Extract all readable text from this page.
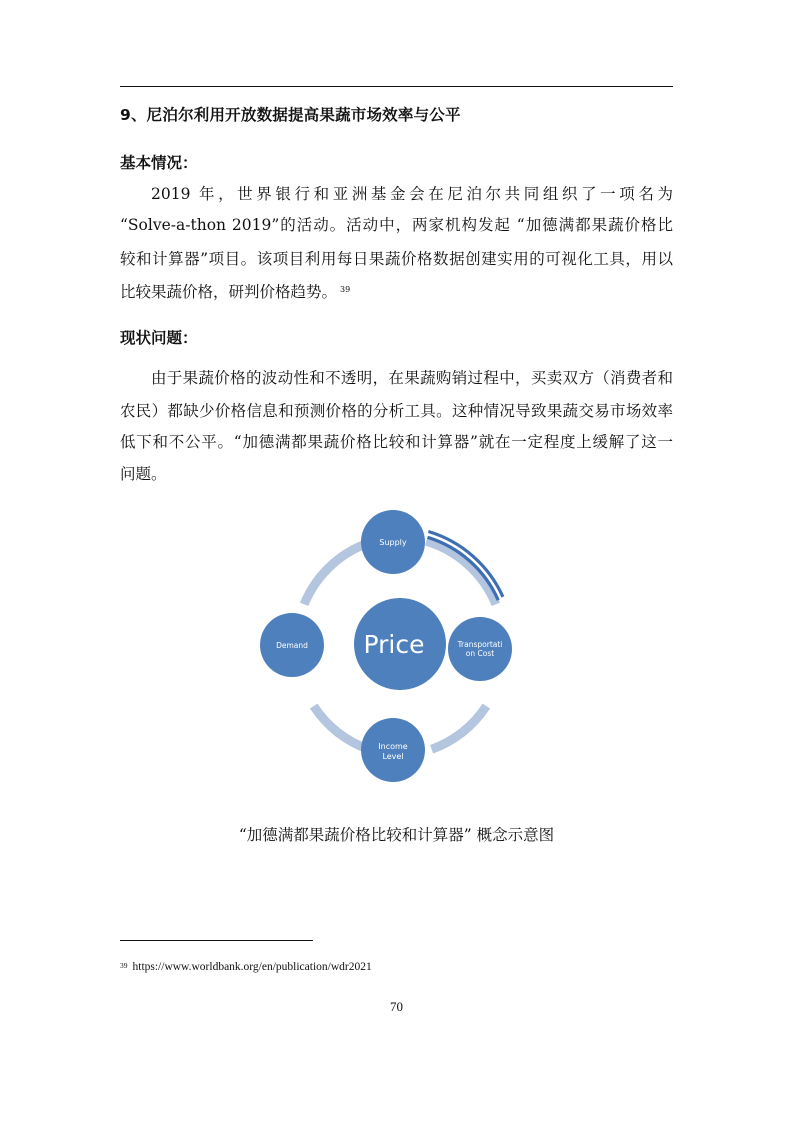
9、尼泊尔利用开放数据提高果蔬市场效率与公平
基本情况：
2019 年，世界银行和亚洲基金会在尼泊尔共同组织了一项名为
“Solve-a-thon 2019”的活动。活动中，两家机构发起 “加德满都果蔬价格比
较和计算器”项目。该项目利用每日果蔬价格数据创建实用的可视化工具，用以
比较果蔬价格，研判价格趋势。 $^{39}$
现状问题：
由于果蔬价格的波动性和不透明，在果蔬购销过程中，买卖双方（消费者和
农民）都缺少价格信息和预测价格的分析工具。这种情况导致果蔬交易市场效率
低下和不公平。“加德满都果蔬价格比较和计算器”就在一定程度上缓解了这一
问题。
Price
Supply
Transportati
on Cost
Income
Level
Demand
“加德满都果蔬价格比较和计算器” 概念示意图
$^{39}$ https://www.worldbank.org/en/publication/wdr2021
70
